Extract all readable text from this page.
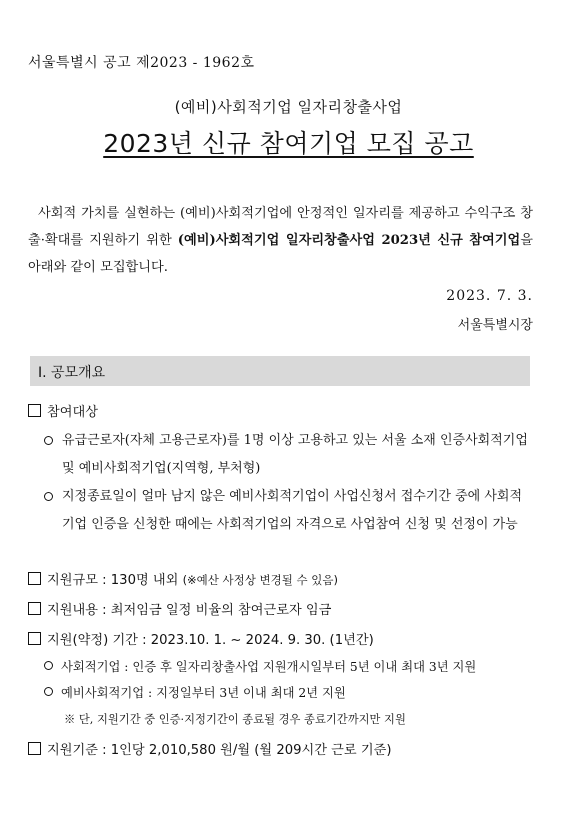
서울특별시 공고 제2023 - 1962호
(예비)사회적기업 일자리창출사업
2023년 신규 참여기업 모집 공고
사회적 가치를 실현하는 (예비)사회적기업에 안정적인 일자리를 제공하고 수익구조 창출·확대를 지원하기 위한 (예비)사회적기업 일자리창출사업 2023년 신규 참여기업을 아래와 같이 모집합니다.
2023. 7. 3.
서울특별시장
Ⅰ. 공모개요
참여대상
유급근로자(자체 고용근로자)를 1명 이상 고용하고 있는 서울 소재 인증사회적기업 및 예비사회적기업(지역형, 부처형)
지정종료일이 얼마 남지 않은 예비사회적기업이 사업신청서 접수기간 중에 사회적기업 인증을 신청한 때에는 사회적기업의 자격으로 사업참여 신청 및 선정이 가능
지원규모 : 130명 내외 (※예산 사정상 변경될 수 있음)
지원내용 : 최저임금 일정 비율의 참여근로자 임금
지원(약정) 기간 : 2023.10. 1. ~ 2024. 9. 30. (1년간)
사회적기업 : 인증 후 일자리창출사업 지원개시일부터 5년 이내 최대 3년 지원
예비사회적기업 : 지정일부터 3년 이내 최대 2년 지원
※ 단, 지원기간 중 인증·지정기간이 종료될 경우 종료기간까지만 지원
지원기준 : 1인당 2,010,580 원/월 (월 209시간 근로 기준)
